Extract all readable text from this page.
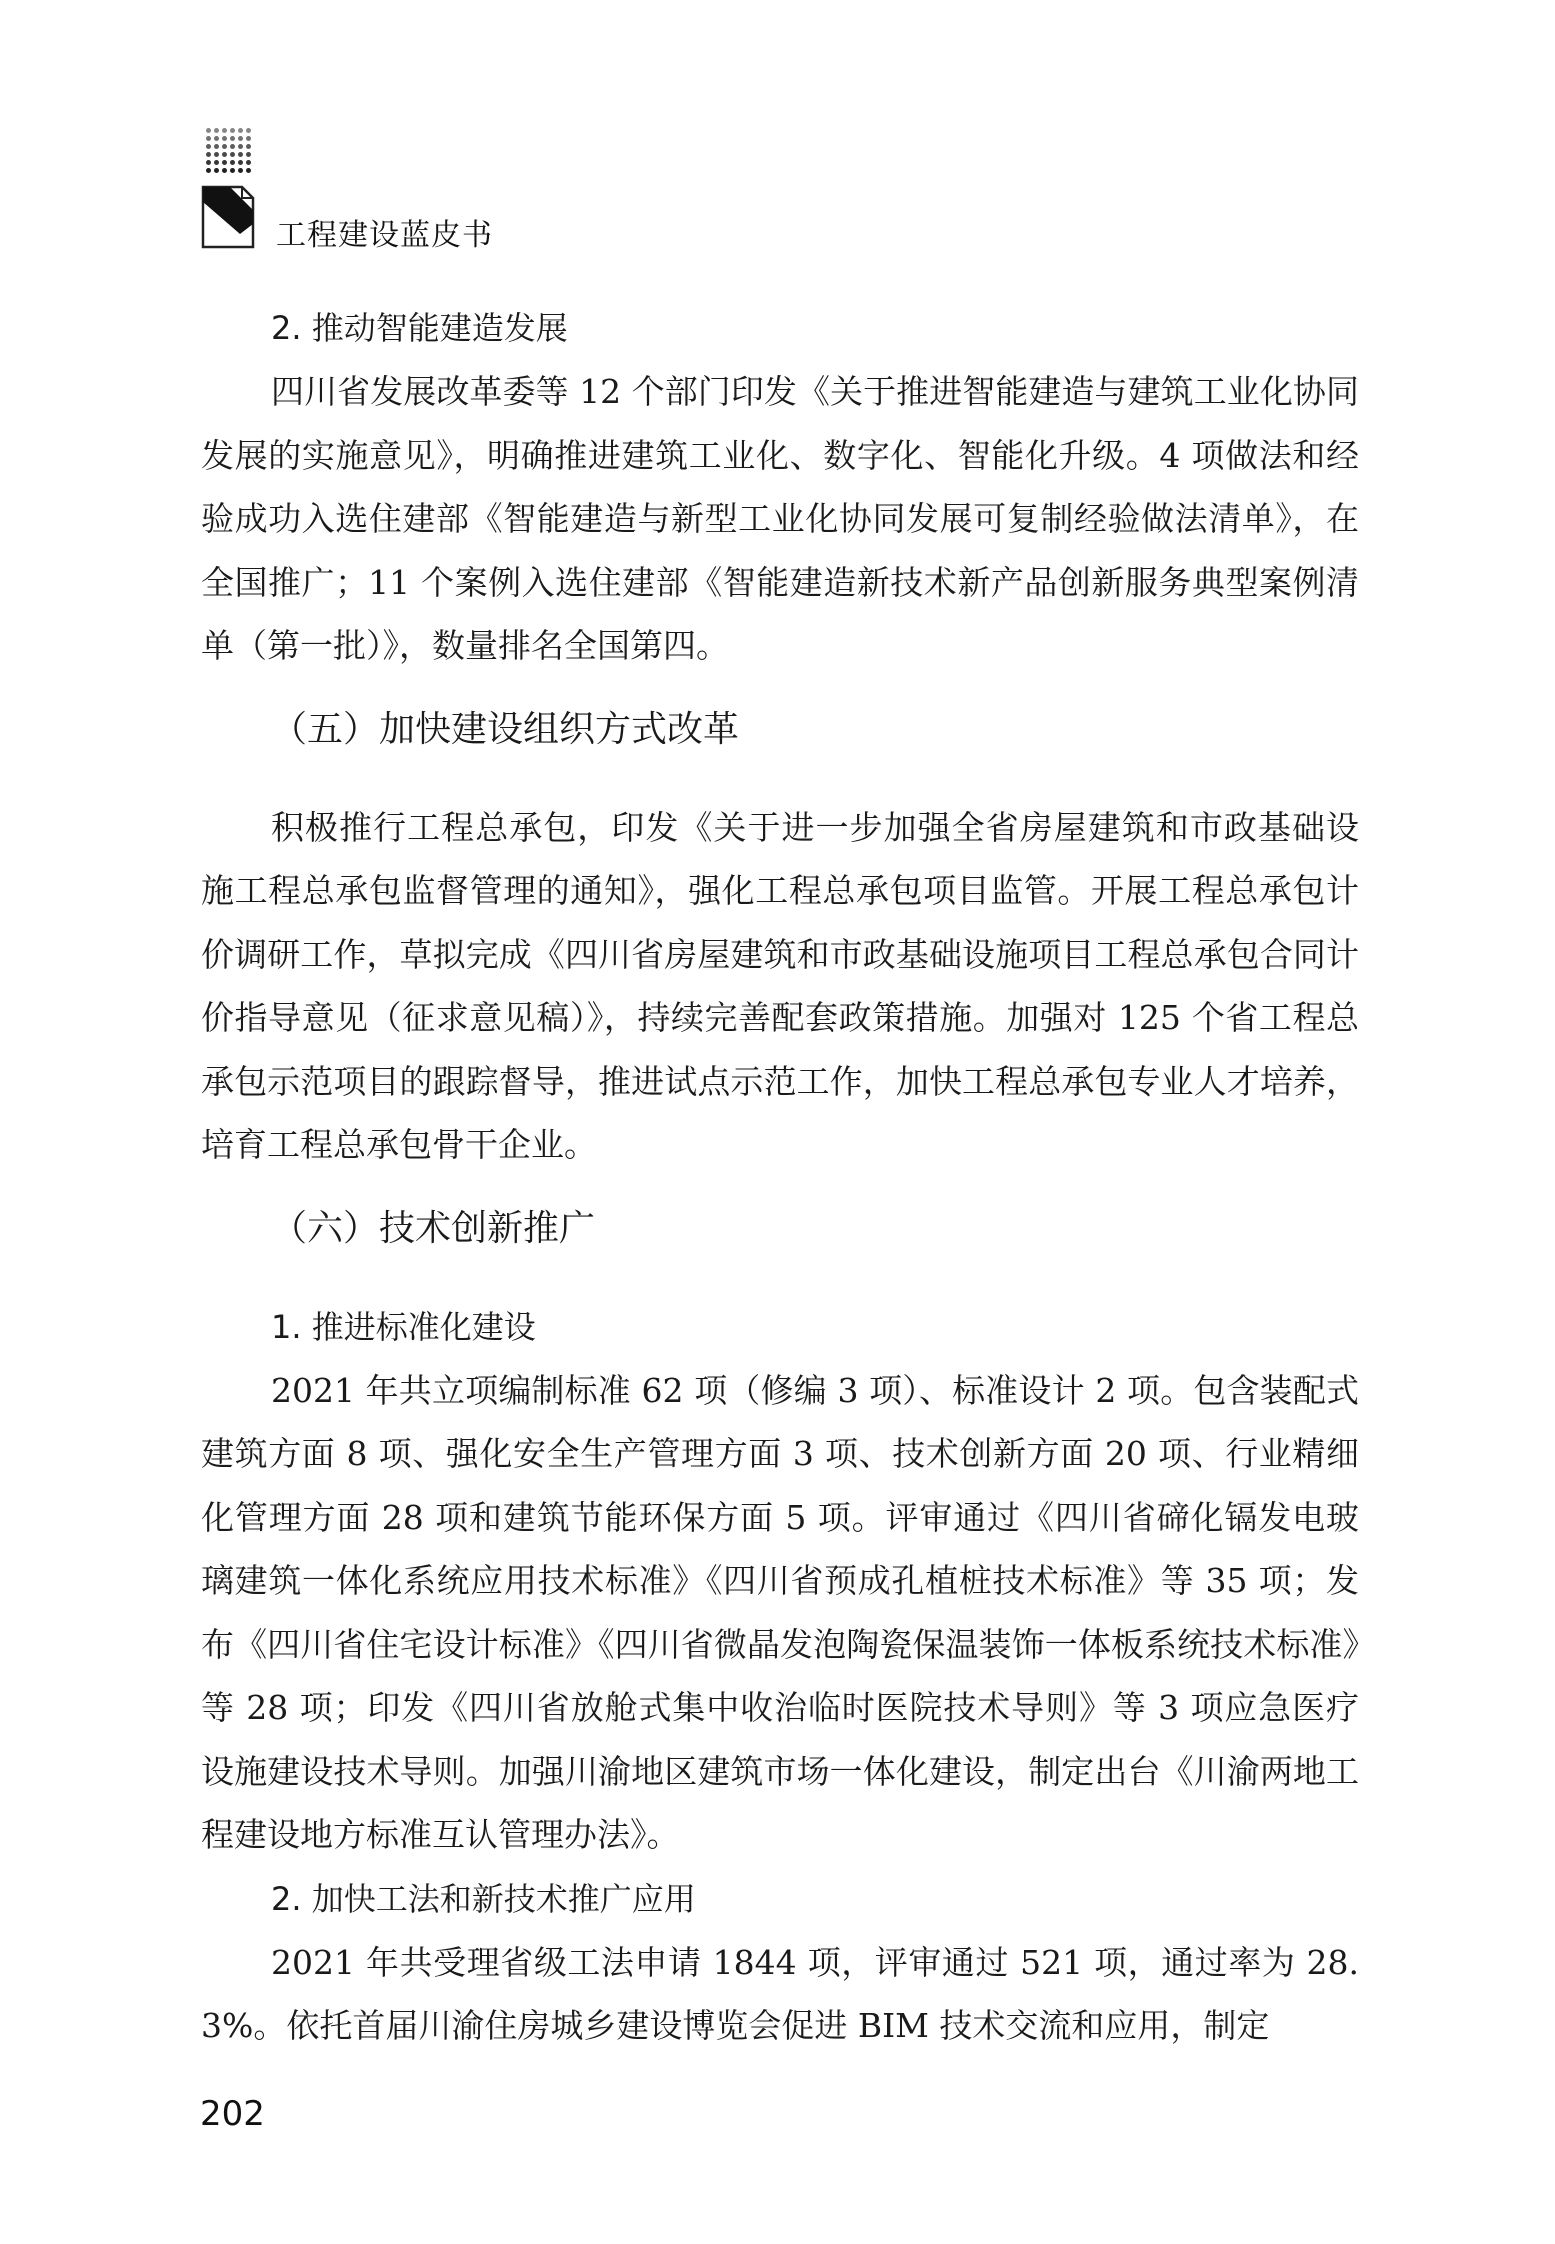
工程建设蓝皮书
2. 推动智能建造发展

四川省发展改革委等 12 个部门印发《关于推进智能建造与建筑工业化协同发展的实施意见》，明确推进建筑工业化、数字化、智能化升级。4 项做法和经验成功入选住建部《智能建造与新型工业化协同发展可复制经验做法清单》，在全国推广；11 个案例入选住建部《智能建造新技术新产品创新服务典型案例清单（第一批）》，数量排名全国第四。

（五）加快建设组织方式改革

积极推行工程总承包，印发《关于进一步加强全省房屋建筑和市政基础设施工程总承包监督管理的通知》，强化工程总承包项目监管。开展工程总承包计价调研工作，草拟完成《四川省房屋建筑和市政基础设施项目工程总承包合同计价指导意见（征求意见稿）》，持续完善配套政策措施。加强对 125 个省工程总承包示范项目的跟踪督导，推进试点示范工作，加快工程总承包专业人才培养，培育工程总承包骨干企业。

（六）技术创新推广
1. 推进标准化建设

2021 年共立项编制标准 62 项（修编 3 项）、标准设计 2 项。包含装配式建筑方面 8 项、强化安全生产管理方面 3 项、技术创新方面 20 项、行业精细化管理方面 28 项和建筑节能环保方面 5 项。评审通过《四川省碲化镉发电玻璃建筑一体化系统应用技术标准》《四川省预成孔植桩技术标准》等 35 项；发布《四川省住宅设计标准》《四川省微晶发泡陶瓷保温装饰一体板系统技术标准》等 28 项；印发《四川省放舱式集中收治临时医院技术导则》等 3 项应急医疗设施建设技术导则。加强川渝地区建筑市场一体化建设，制定出台《川渝两地工程建设地方标准互认管理办法》。

2. 加快工法和新技术推广应用

2021 年共受理省级工法申请 1844 项，评审通过 521 项，通过率为 28. 3%。依托首届川渝住房城乡建设博览会促进 BIM 技术交流和应用，制定

202
